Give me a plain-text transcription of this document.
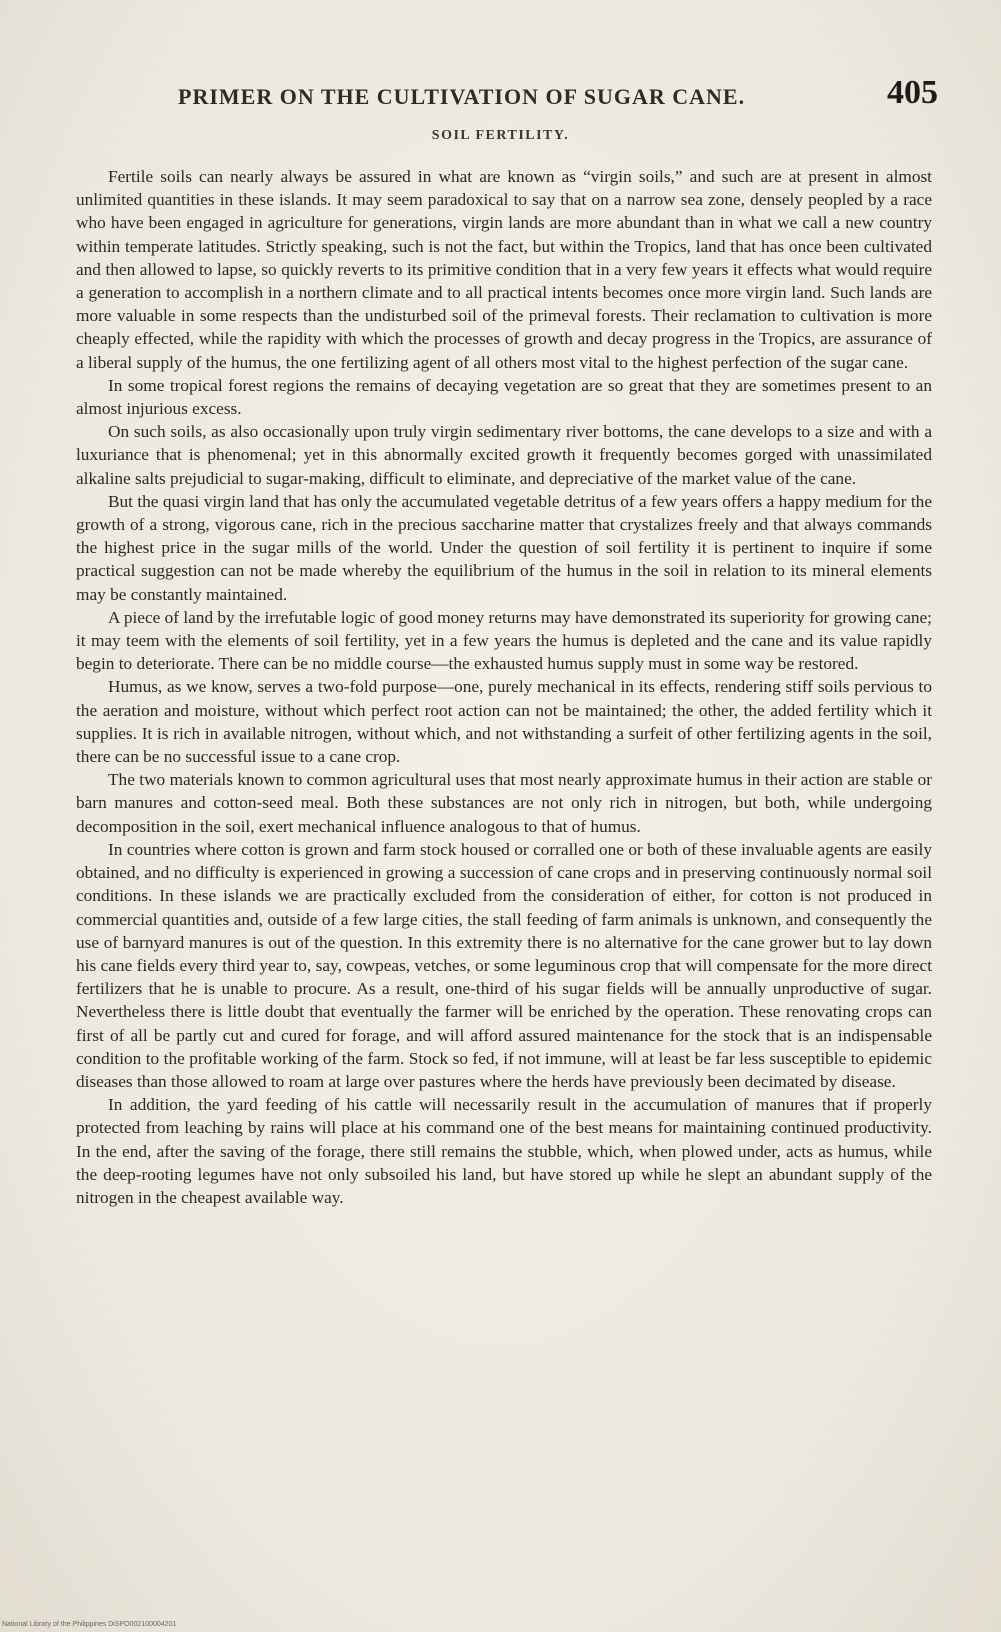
PRIMER ON THE CULTIVATION OF SUGAR CANE.	405
SOIL FERTILITY.

Fertile soils can nearly always be assured in what are known as “virgin soils,” and such are at present in almost unlimited quantities in these islands. It may seem paradoxical to say that on a narrow sea zone, densely peopled by a race who have been engaged in agriculture for generations, virgin lands are more abundant than in what we call a new country within temperate latitudes. Strictly speaking, such is not the fact, but within the Tropics, land that has once been cultivated and then allowed to lapse, so quickly reverts to its primitive condition that in a very few years it effects what would require a generation to accomplish in a northern climate and to all practical intents becomes once more virgin land. Such lands are more valuable in some respects than the undisturbed soil of the primeval forests. Their reclamation to cultivation is more cheaply effected, while the rapidity with which the processes of growth and decay progress in the Tropics, are assurance of a liberal supply of the humus, the one fertilizing agent of all others most vital to the highest perfection of the sugar cane.

In some tropical forest regions the remains of decaying vegetation are so great that they are sometimes present to an almost injurious excess.

On such soils, as also occasionally upon truly virgin sedimentary river bottoms, the cane develops to a size and with a luxuriance that is phenomenal; yet in this abnormally excited growth it frequently becomes gorged with unassimilated alkaline salts prejudicial to sugar-making, difficult to eliminate, and depreciative of the market value of the cane.

But the quasi virgin land that has only the accumulated vegetable detritus of a few years offers a happy medium for the growth of a strong, vigorous cane, rich in the precious saccharine matter that crystalizes freely and that always commands the highest price in the sugar mills of the world. Under the question of soil fertility it is pertinent to inquire if some practical suggestion can not be made whereby the equilibrium of the humus in the soil in relation to its mineral elements may be constantly maintained.

A piece of land by the irrefutable logic of good money returns may have demonstrated its superiority for growing cane; it may teem with the elements of soil fertility, yet in a few years the humus is depleted and the cane and its value rapidly begin to deteriorate. There can be no middle course—the exhausted humus supply must in some way be restored.

Humus, as we know, serves a two-fold purpose—one, purely mechanical in its effects, rendering stiff soils pervious to the aeration and moisture, without which perfect root action can not be maintained; the other, the added fertility which it supplies. It is rich in available nitrogen, without which, and not withstanding a surfeit of other fertilizing agents in the soil, there can be no successful issue to a cane crop.

The two materials known to common agricultural uses that most nearly approximate humus in their action are stable or barn manures and cotton-seed meal. Both these substances are not only rich in nitrogen, but both, while undergoing decomposition in the soil, exert mechanical influence analogous to that of humus.

In countries where cotton is grown and farm stock housed or corralled one or both of these invaluable agents are easily obtained, and no difficulty is experienced in growing a succession of cane crops and in preserving continuously normal soil conditions. In these islands we are practically excluded from the consideration of either, for cotton is not produced in commercial quantities and, outside of a few large cities, the stall feeding of farm animals is unknown, and consequently the use of barnyard manures is out of the question. In this extremity there is no alternative for the cane grower but to lay down his cane fields every third year to, say, cowpeas, vetches, or some leguminous crop that will compensate for the more direct fertilizers that he is unable to procure. As a result, one-third of his sugar fields will be annually unproductive of sugar. Nevertheless there is little doubt that eventually the farmer will be enriched by the operation. These renovating crops can first of all be partly cut and cured for forage, and will afford assured maintenance for the stock that is an indispensable condition to the profitable working of the farm. Stock so fed, if not immune, will at least be far less susceptible to epidemic diseases than those allowed to roam at large over pastures where the herds have previously been decimated by disease.

In addition, the yard feeding of his cattle will necessarily result in the accumulation of manures that if properly protected from leaching by rains will place at his command one of the best means for maintaining continued productivity. In the end, after the saving of the forage, there still remains the stubble, which, when plowed under, acts as humus, while the deep-rooting legumes have not only subsoiled his land, but have stored up while he slept an abundant supply of the nitrogen in the cheapest available way.

National Library of the Philippines DiSPO002100004201
